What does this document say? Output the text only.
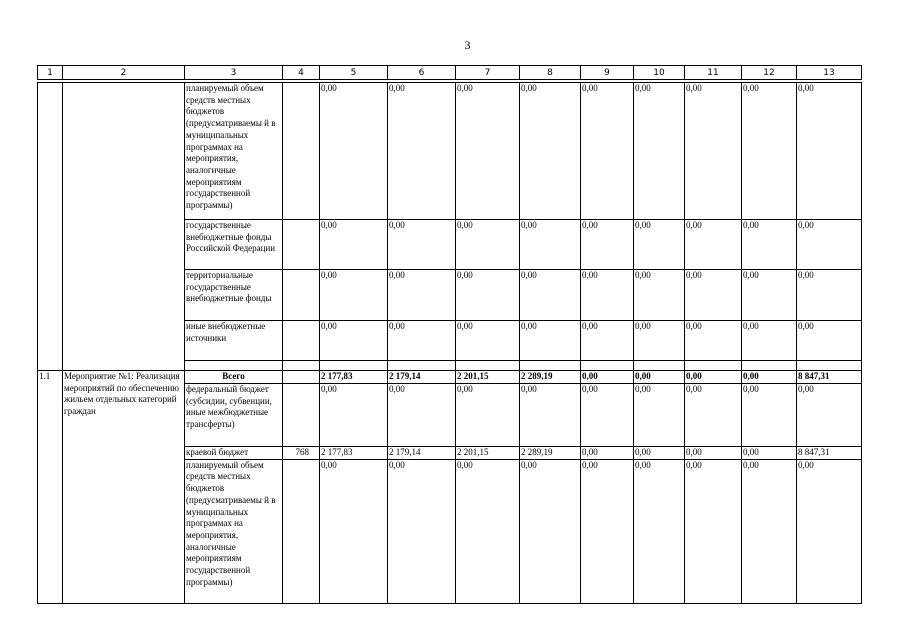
3
1	2	3	4	5	6	7	8	9	10	11	12	13
		планируемый объем средств местных бюджетов (предусматриваемы й в муниципальных программах на мероприятия, аналогичные мероприятиям государственной программы)		0,00	0,00	0,00	0,00	0,00	0,00	0,00	0,00	0,00
		государственные внебюджетные фонды Российской Федерации		0,00	0,00	0,00	0,00	0,00	0,00	0,00	0,00	0,00
		территориальные государственные внебюджетные фонды		0,00	0,00	0,00	0,00	0,00	0,00	0,00	0,00	0,00
		иные внебюджетные источники		0,00	0,00	0,00	0,00	0,00	0,00	0,00	0,00	0,00

1.1	Мероприятие №1: Реализация мероприятий по обеспечению жильем отдельных категорий граждан	Всего		2 177,83	2 179,14	2 201,15	2 289,19	0,00	0,00	0,00	0,00	8 847,31
		федеральный бюджет (субсидии, субвенции, иные межбюджетные трансферты)		0,00	0,00	0,00	0,00	0,00	0,00	0,00	0,00	0,00
		краевой бюджет	768	2 177,83	2 179,14	2 201,15	2 289,19	0,00	0,00	0,00	0,00	8 847,31
		планируемый объем средств местных бюджетов (предусматриваемы й в муниципальных программах на мероприятия, аналогичные мероприятиям государственной программы)		0,00	0,00	0,00	0,00	0,00	0,00	0,00	0,00	0,00
